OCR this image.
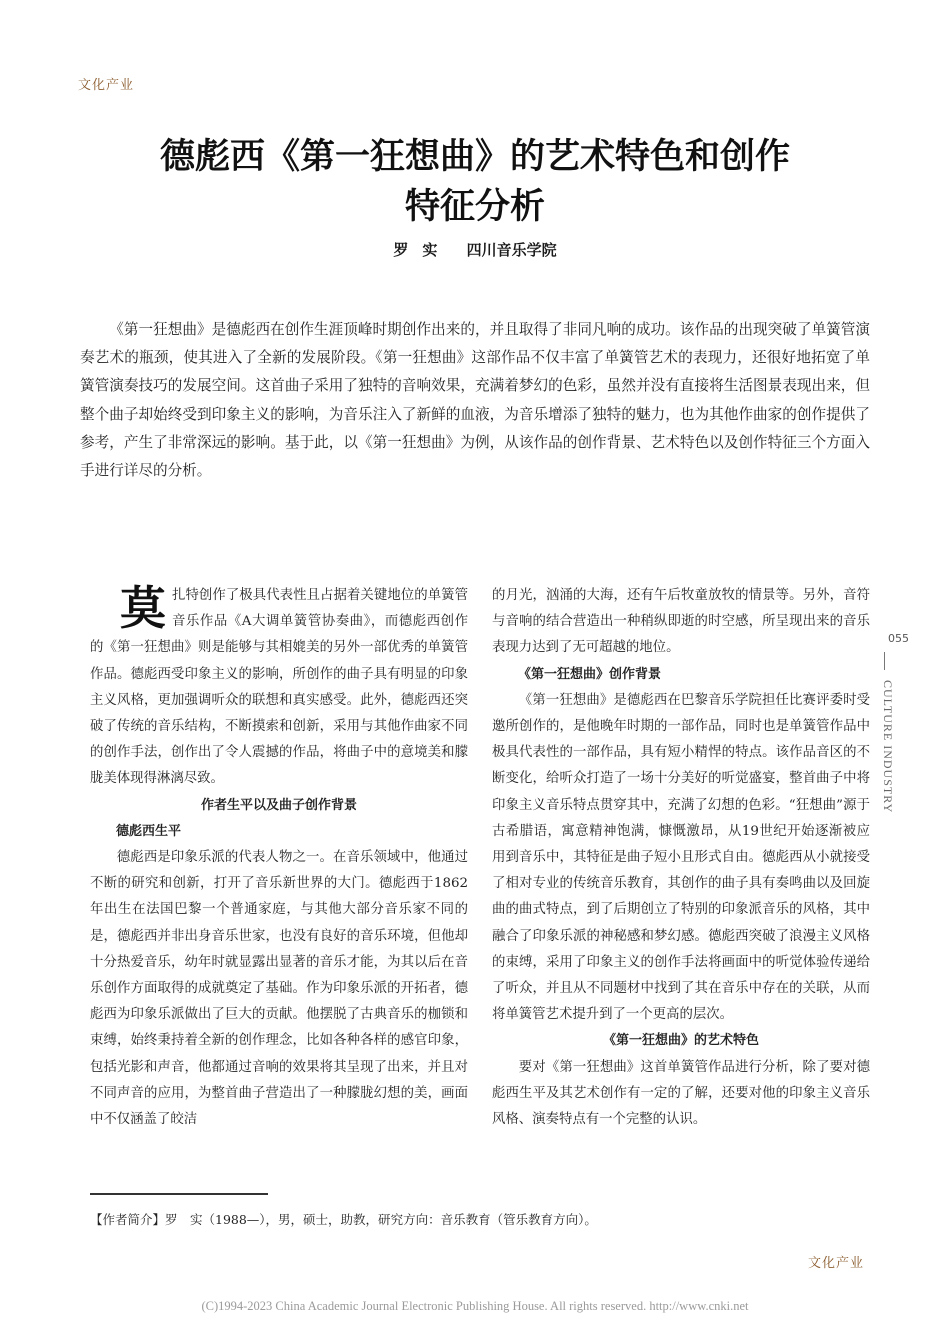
文化产业
德彪西《第一狂想曲》的艺术特色和创作
特征分析
罗实 四川音乐学院
《第一狂想曲》是德彪西在创作生涯顶峰时期创作出来的，并且取得了非同凡响的成功。该作品的出现突破了单簧管演奏艺术的瓶颈，使其进入了全新的发展阶段。《第一狂想曲》这部作品不仅丰富了单簧管艺术的表现力，还很好地拓宽了单簧管演奏技巧的发展空间。这首曲子采用了独特的音响效果，充满着梦幻的色彩，虽然并没有直接将生活图景表现出来，但整个曲子却始终受到印象主义的影响，为音乐注入了新鲜的血液，为音乐增添了独特的魅力，也为其他作曲家的创作提供了参考，产生了非常深远的影响。基于此，以《第一狂想曲》为例，从该作品的创作背景、艺术特色以及创作特征三个方面入手进行详尽的分析。

莫扎特创作了极具代表性且占据着关键地位的单簧管音乐作品《A大调单簧管协奏曲》，而德彪西创作的《第一狂想曲》则是能够与其相媲美的另外一部优秀的单簧管作品。德彪西受印象主义的影响，所创作的曲子具有明显的印象主义风格，更加强调听众的联想和真实感受。此外，德彪西还突破了传统的音乐结构，不断摸索和创新，采用与其他作曲家不同的创作手法，创作出了令人震撼的作品，将曲子中的意境美和朦胧美体现得淋漓尽致。

作者生平以及曲子创作背景

德彪西生平

德彪西是印象乐派的代表人物之一。在音乐领域中，他通过不断的研究和创新，打开了音乐新世界的大门。德彪西于1862年出生在法国巴黎一个普通家庭，与其他大部分音乐家不同的是，德彪西并非出身音乐世家，也没有良好的音乐环境，但他却十分热爱音乐，幼年时就显露出显著的音乐才能，为其以后在音乐创作方面取得的成就奠定了基础。作为印象乐派的开拓者，德彪西为印象乐派做出了巨大的贡献。他摆脱了古典音乐的枷锁和束缚，始终秉持着全新的创作理念，比如各种各样的感官印象，包括光影和声音，他都通过音响的效果将其呈现了出来，并且对不同声音的应用，为整首曲子营造出了一种朦胧幻想的美，画面中不仅涵盖了皎洁

的月光，汹涌的大海，还有午后牧童放牧的情景等。另外，音符与音响的结合营造出一种稍纵即逝的时空感，所呈现出来的音乐表现力达到了无可超越的地位。

《第一狂想曲》创作背景

《第一狂想曲》是德彪西在巴黎音乐学院担任比赛评委时受邀所创作的，是他晚年时期的一部作品，同时也是单簧管作品中极具代表性的一部作品，具有短小精悍的特点。该作品音区的不断变化，给听众打造了一场十分美好的听觉盛宴，整首曲子中将印象主义音乐特点贯穿其中，充满了幻想的色彩。“狂想曲”源于古希腊语，寓意精神饱满，慷慨激昂，从19世纪开始逐渐被应用到音乐中，其特征是曲子短小且形式自由。德彪西从小就接受了相对专业的传统音乐教育，其创作的曲子具有奏鸣曲以及回旋曲的曲式特点，到了后期创立了特别的印象派音乐的风格，其中融合了印象乐派的神秘感和梦幻感。德彪西突破了浪漫主义风格的束缚，采用了印象主义的创作手法将画面中的听觉体验传递给了听众，并且从不同题材中找到了其在音乐中存在的关联，从而将单簧管艺术提升到了一个更高的层次。

《第一狂想曲》的艺术特色

要对《第一狂想曲》这首单簧管作品进行分析，除了要对德彪西生平及其艺术创作有一定的了解，还要对他的印象主义音乐风格、演奏特点有一个完整的认识。

055
CULTURE INDUSTRY
【作者简介】罗　实（1988—），男，硕士，助教，研究方向：音乐教育（管乐教育方向）。
文化产业
(C)1994-2023 China Academic Journal Electronic Publishing House. All rights reserved. http://www.cnki.net
